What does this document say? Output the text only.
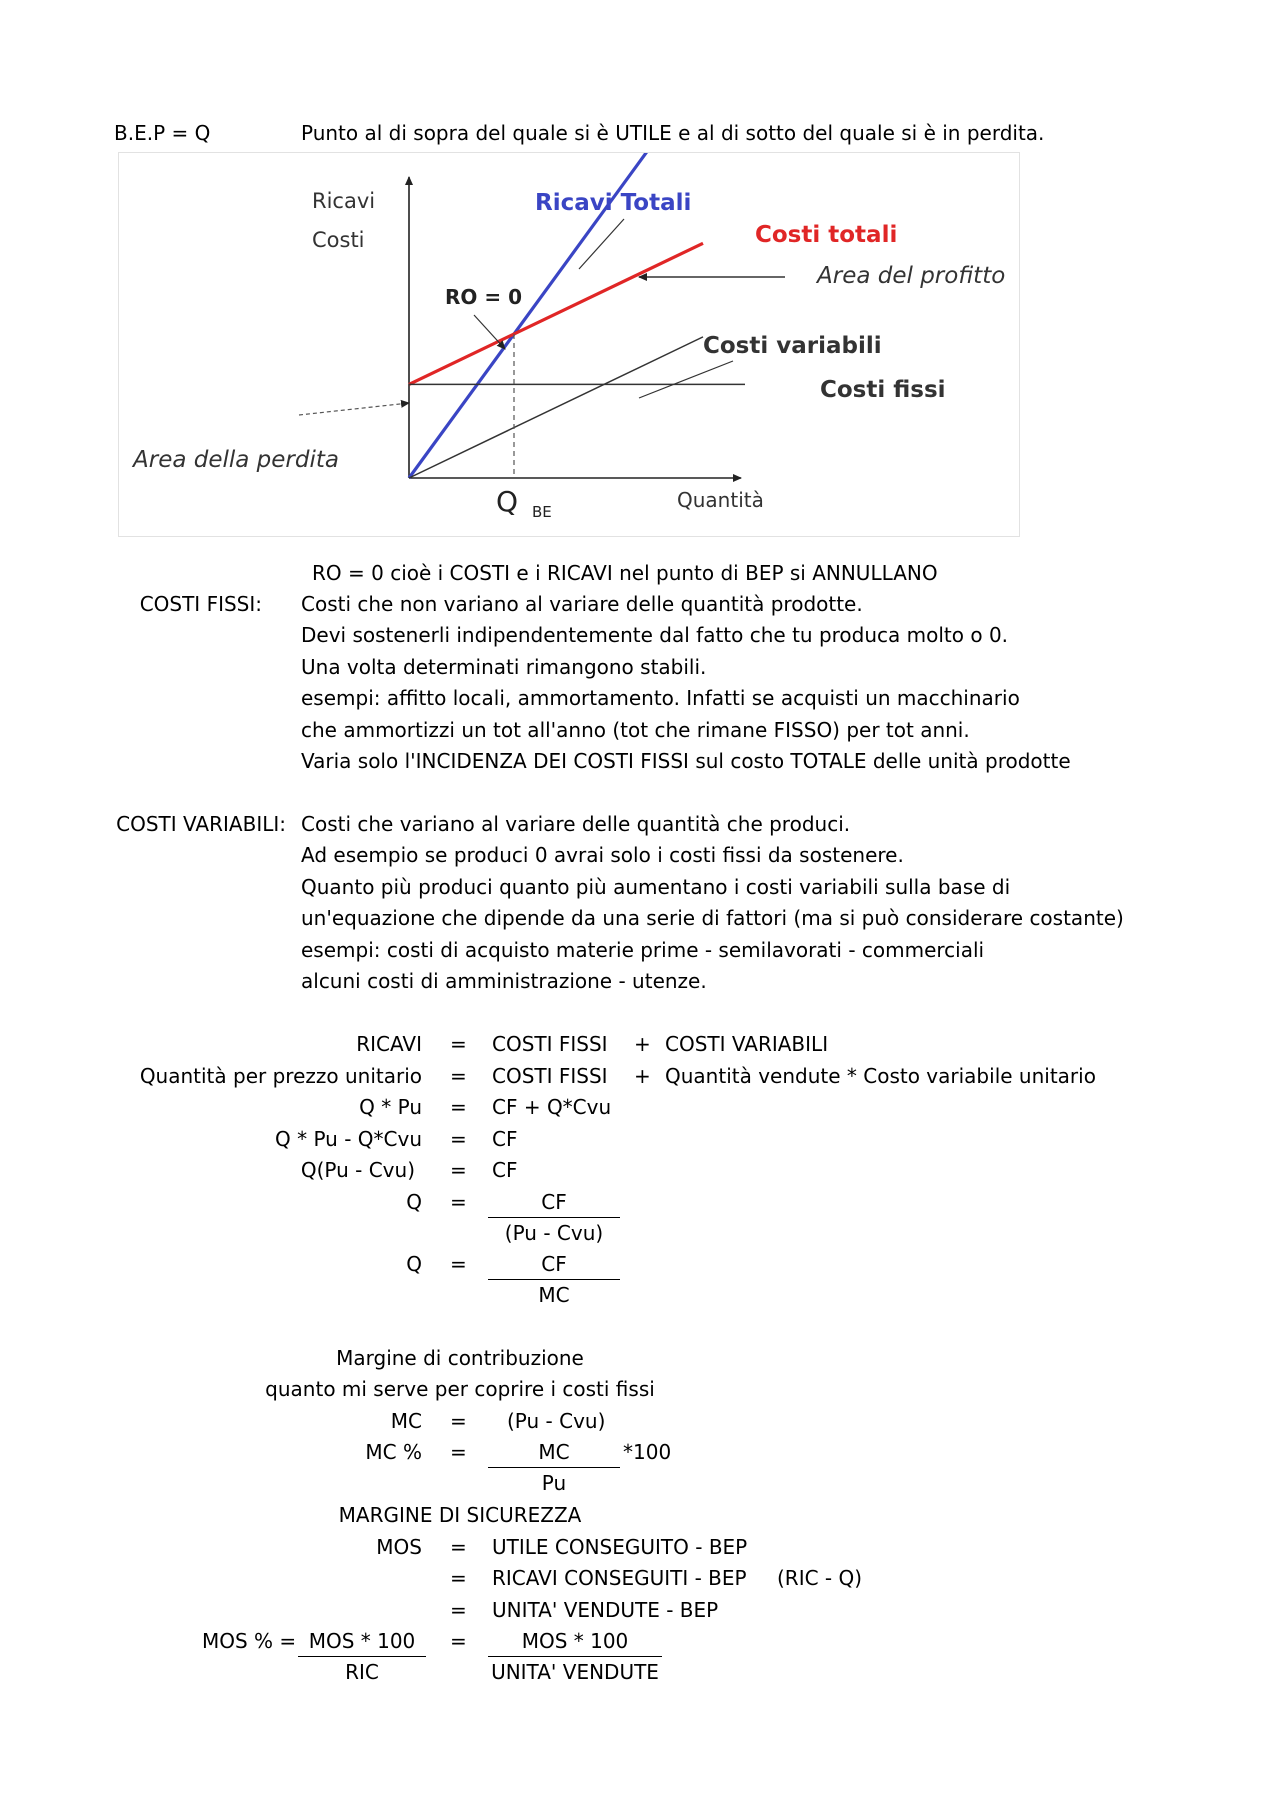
B.E.P = Q	Punto al di sopra del quale si è UTILE e al di sotto del quale si è in perdita.
Ricavi
Costi
Ricavi Totali
Costi totali
Costi variabili
Costi fissi
RO = 0
Area del profitto
Area della perdita
Q BE	Quantità
RO = 0 cioè i COSTI e i RICAVI nel punto di BEP si ANNULLANO
COSTI FISSI: Costi che non variano al variare delle quantità prodotte.
Devi sostenerli indipendentemente dal fatto che tu produca molto o 0.
Una volta determinati rimangono stabili.
esempi: affitto locali, ammortamento. Infatti se acquisti un macchinario
che ammortizzi un tot all'anno (tot che rimane FISSO) per tot anni.
Varia solo l'INCIDENZA DEI COSTI FISSI sul costo TOTALE delle unità prodotte
COSTI VARIABILI: Costi che variano al variare delle quantità che produci.
Ad esempio se produci 0 avrai solo i costi fissi da sostenere.
Quanto più produci quanto più aumentano i costi variabili sulla base di
un'equazione che dipende da una serie di fattori (ma si può considerare costante)
esempi: costi di acquisto materie prime - semilavorati - commerciali
alcuni costi di amministrazione - utenze.
RICAVI = COSTI FISSI + COSTI VARIABILI
Quantità per prezzo unitario = COSTI FISSI + Quantità vendute * Costo variabile unitario
Q * Pu = CF + Q*Cvu
Q * Pu - Q*Cvu = CF
Q(Pu - Cvu) = CF
Q =	CF
(Pu - Cvu)
Q =	CF
MC
Margine di contribuzione
quanto mi serve per coprire i costi fissi
MC = (Pu - Cvu)
MC % =	MC
Pu
*100
MARGINE DI SICUREZZA
MOS = UTILE CONSEGUITO - BEP
= RICAVI CONSEGUITI - BEP (RIC - Q)
= UNITA' VENDUTE - BEP
MOS % = MOS * 100
RIC
=	MOS * 100
UNITA' VENDUTE
